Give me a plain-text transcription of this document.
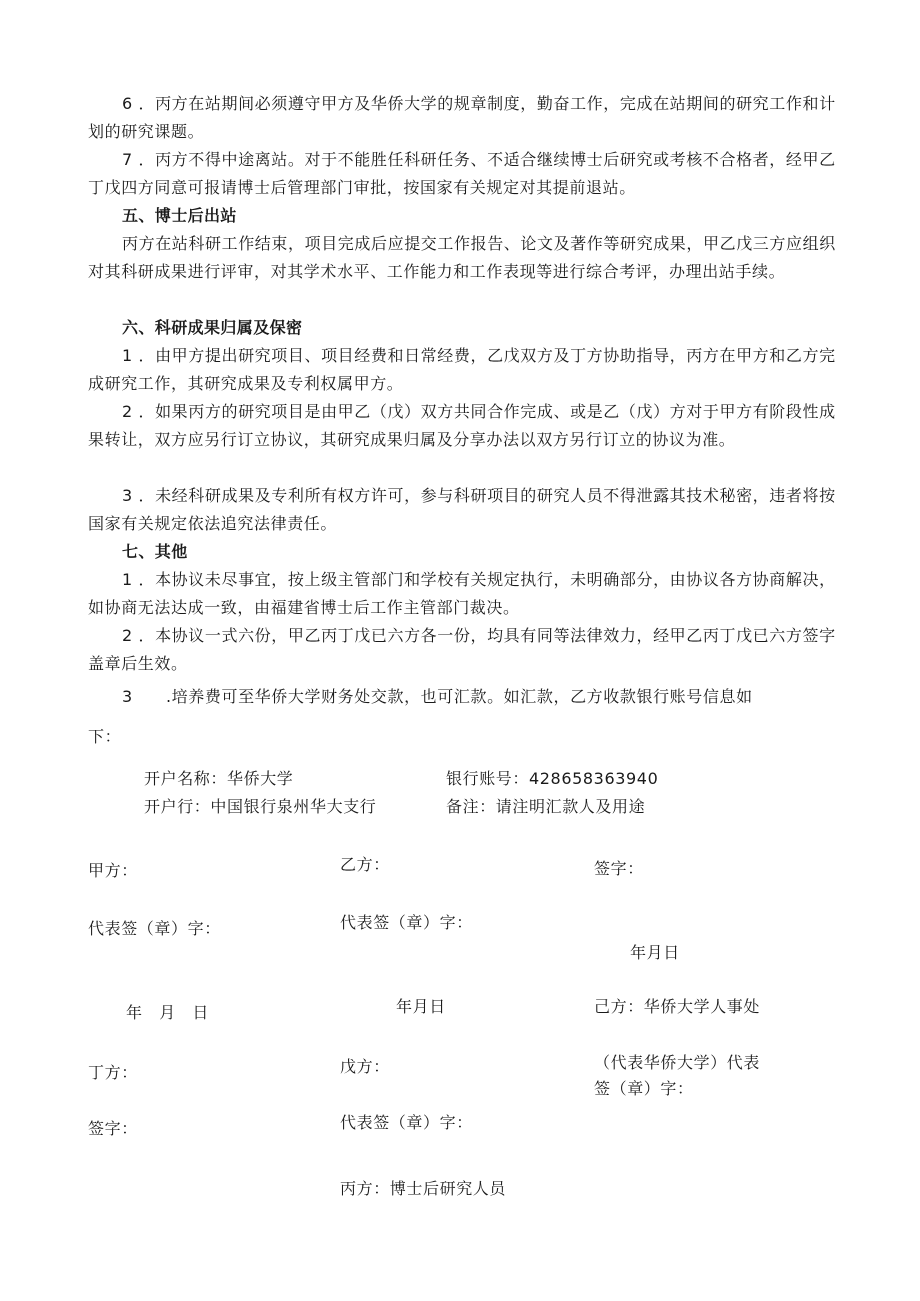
6 ．丙方在站期间必须遵守甲方及华侨大学的规章制度，勤奋工作，完成在站期间的研究工作和计划的研究课题。

7 ．丙方不得中途离站。对于不能胜任科研任务、不适合继续博士后研究或考核不合格者，经甲乙丁戊四方同意可报请博士后管理部门审批，按国家有关规定对其提前退站。

五、博士后出站

丙方在站科研工作结束，项目完成后应提交工作报告、论文及著作等研究成果，甲乙戊三方应组织对其科研成果进行评审，对其学术水平、工作能力和工作表现等进行综合考评，办理出站手续。

六、科研成果归属及保密

1 ．由甲方提出研究项目、项目经费和日常经费，乙戊双方及丁方协助指导，丙方在甲方和乙方完成研究工作，其研究成果及专利权属甲方。

2 ．如果丙方的研究项目是由甲乙（戊）双方共同合作完成、或是乙（戊）方对于甲方有阶段性成果转让，双方应另行订立协议，其研究成果归属及分享办法以双方另行订立的协议为准。

3 ．未经科研成果及专利所有权方许可，参与科研项目的研究人员不得泄露其技术秘密，违者将按国家有关规定依法追究法律责任。

七、其他

1 ．本协议未尽事宜，按上级主管部门和学校有关规定执行，未明确部分，由协议各方协商解决，如协商无法达成一致，由福建省博士后工作主管部门裁决。

2 ．本协议一式六份，甲乙丙丁戊已六方各一份，均具有同等法律效力，经甲乙丙丁戊已六方签字盖章后生效。

3　　.培养费可至华侨大学财务处交款，也可汇款。如汇款，乙方收款银行账号信息如

下：

开户名称：华侨大学	银行账号：428658363940

开户行：中国银行泉州华大支行	备注：请注明汇款人及用途

甲方：	乙方：	签字：

代表签（章）字：	代表签（章）字：

年月日

年　月　日	年月日	己方：华侨大学人事处

丁方：	戊方：	（代表华侨大学）代表签（章）字：

签字：	代表签（章）字：

丙方：博士后研究人员
